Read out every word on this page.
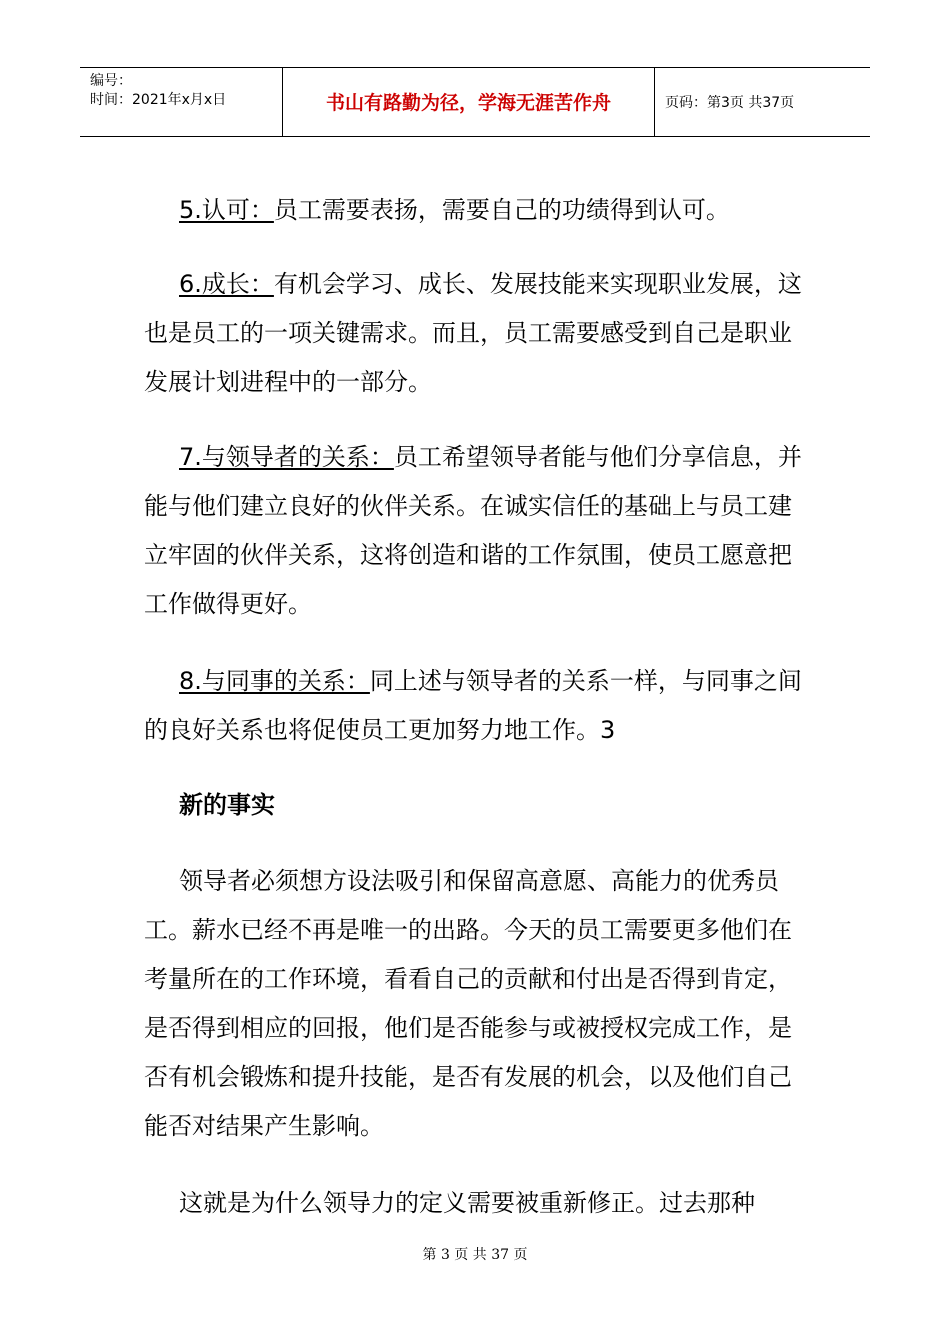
编号：
时间：2021年x月x日	书山有路勤为径，学海无涯苦作舟	页码：第3页 共37页

5.认可：员工需要表扬，需要自己的功绩得到认可。

6.成长：有机会学习、成长、发展技能来实现职业发展，这也是员工的一项关键需求。而且，员工需要感受到自己是职业发展计划进程中的一部分。

7.与领导者的关系：员工希望领导者能与他们分享信息，并能与他们建立良好的伙伴关系。在诚实信任的基础上与员工建立牢固的伙伴关系，这将创造和谐的工作氛围，使员工愿意把工作做得更好。

8.与同事的关系：同上述与领导者的关系一样，与同事之间的良好关系也将促使员工更加努力地工作。3

新的事实

领导者必须想方设法吸引和保留高意愿、高能力的优秀员工。薪水已经不再是唯一的出路。今天的员工需要更多他们在考量所在的工作环境，看看自己的贡献和付出是否得到肯定，是否得到相应的回报，他们是否能参与或被授权完成工作，是否有机会锻炼和提升技能，是否有发展的机会，以及他们自己能否对结果产生影响。

这就是为什么领导力的定义需要被重新修正。过去那种

第 3 页 共 37 页
